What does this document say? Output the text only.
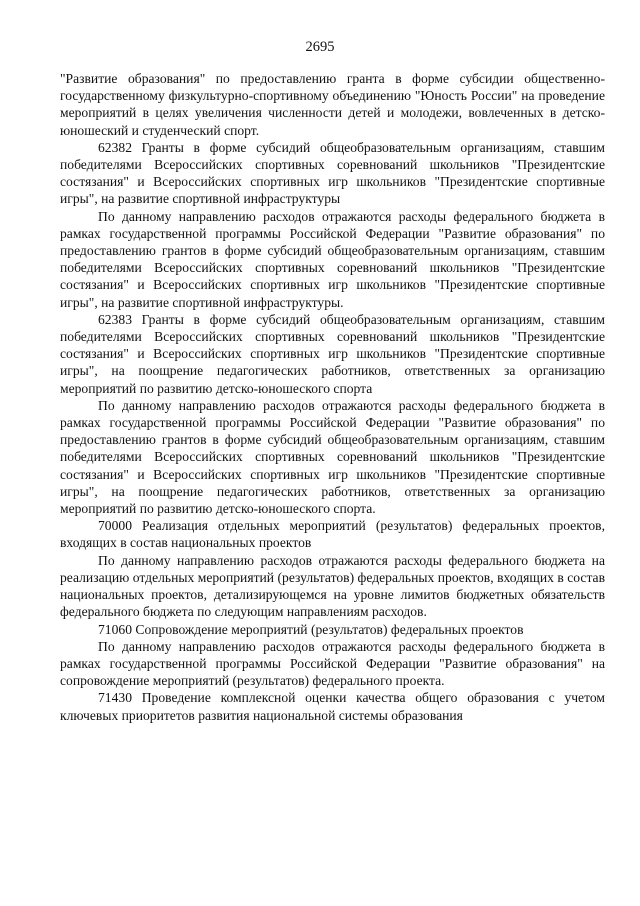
2695

"Развитие образования" по предоставлению гранта в форме субсидии общественно-государственному физкультурно-спортивному объединению "Юность России" на проведение мероприятий в целях увеличения численности детей и молодежи, вовлеченных в детско-юношеский и студенческий спорт.

62382 Гранты в форме субсидий общеобразовательным организациям, ставшим победителями Всероссийских спортивных соревнований школьников "Президентские состязания" и Всероссийских спортивных игр школьников "Президентские спортивные игры", на развитие спортивной инфраструктуры

По данному направлению расходов отражаются расходы федерального бюджета в рамках государственной программы Российской Федерации "Развитие образования" по предоставлению грантов в форме субсидий общеобразовательным организациям, ставшим победителями Всероссийских спортивных соревнований школьников "Президентские состязания" и Всероссийских спортивных игр школьников "Президентские спортивные игры", на развитие спортивной инфраструктуры.

62383 Гранты в форме субсидий общеобразовательным организациям, ставшим победителями Всероссийских спортивных соревнований школьников "Президентские состязания" и Всероссийских спортивных игр школьников "Президентские спортивные игры", на поощрение педагогических работников, ответственных за организацию мероприятий по развитию детско-юношеского спорта

По данному направлению расходов отражаются расходы федерального бюджета в рамках государственной программы Российской Федерации "Развитие образования" по предоставлению грантов в форме субсидий общеобразовательным организациям, ставшим победителями Всероссийских спортивных соревнований школьников "Президентские состязания" и Всероссийских спортивных игр школьников "Президентские спортивные игры", на поощрение педагогических работников, ответственных за организацию мероприятий по развитию детско-юношеского спорта.

70000 Реализация отдельных мероприятий (результатов) федеральных проектов, входящих в состав национальных проектов

По данному направлению расходов отражаются расходы федерального бюджета на реализацию отдельных мероприятий (результатов) федеральных проектов, входящих в состав национальных проектов, детализирующемся на уровне лимитов бюджетных обязательств федерального бюджета по следующим направлениям расходов.

71060 Сопровождение мероприятий (результатов) федеральных проектов

По данному направлению расходов отражаются расходы федерального бюджета в рамках государственной программы Российской Федерации "Развитие образования" на сопровождение мероприятий (результатов) федерального проекта.

71430 Проведение комплексной оценки качества общего образования с учетом ключевых приоритетов развития национальной системы образования
